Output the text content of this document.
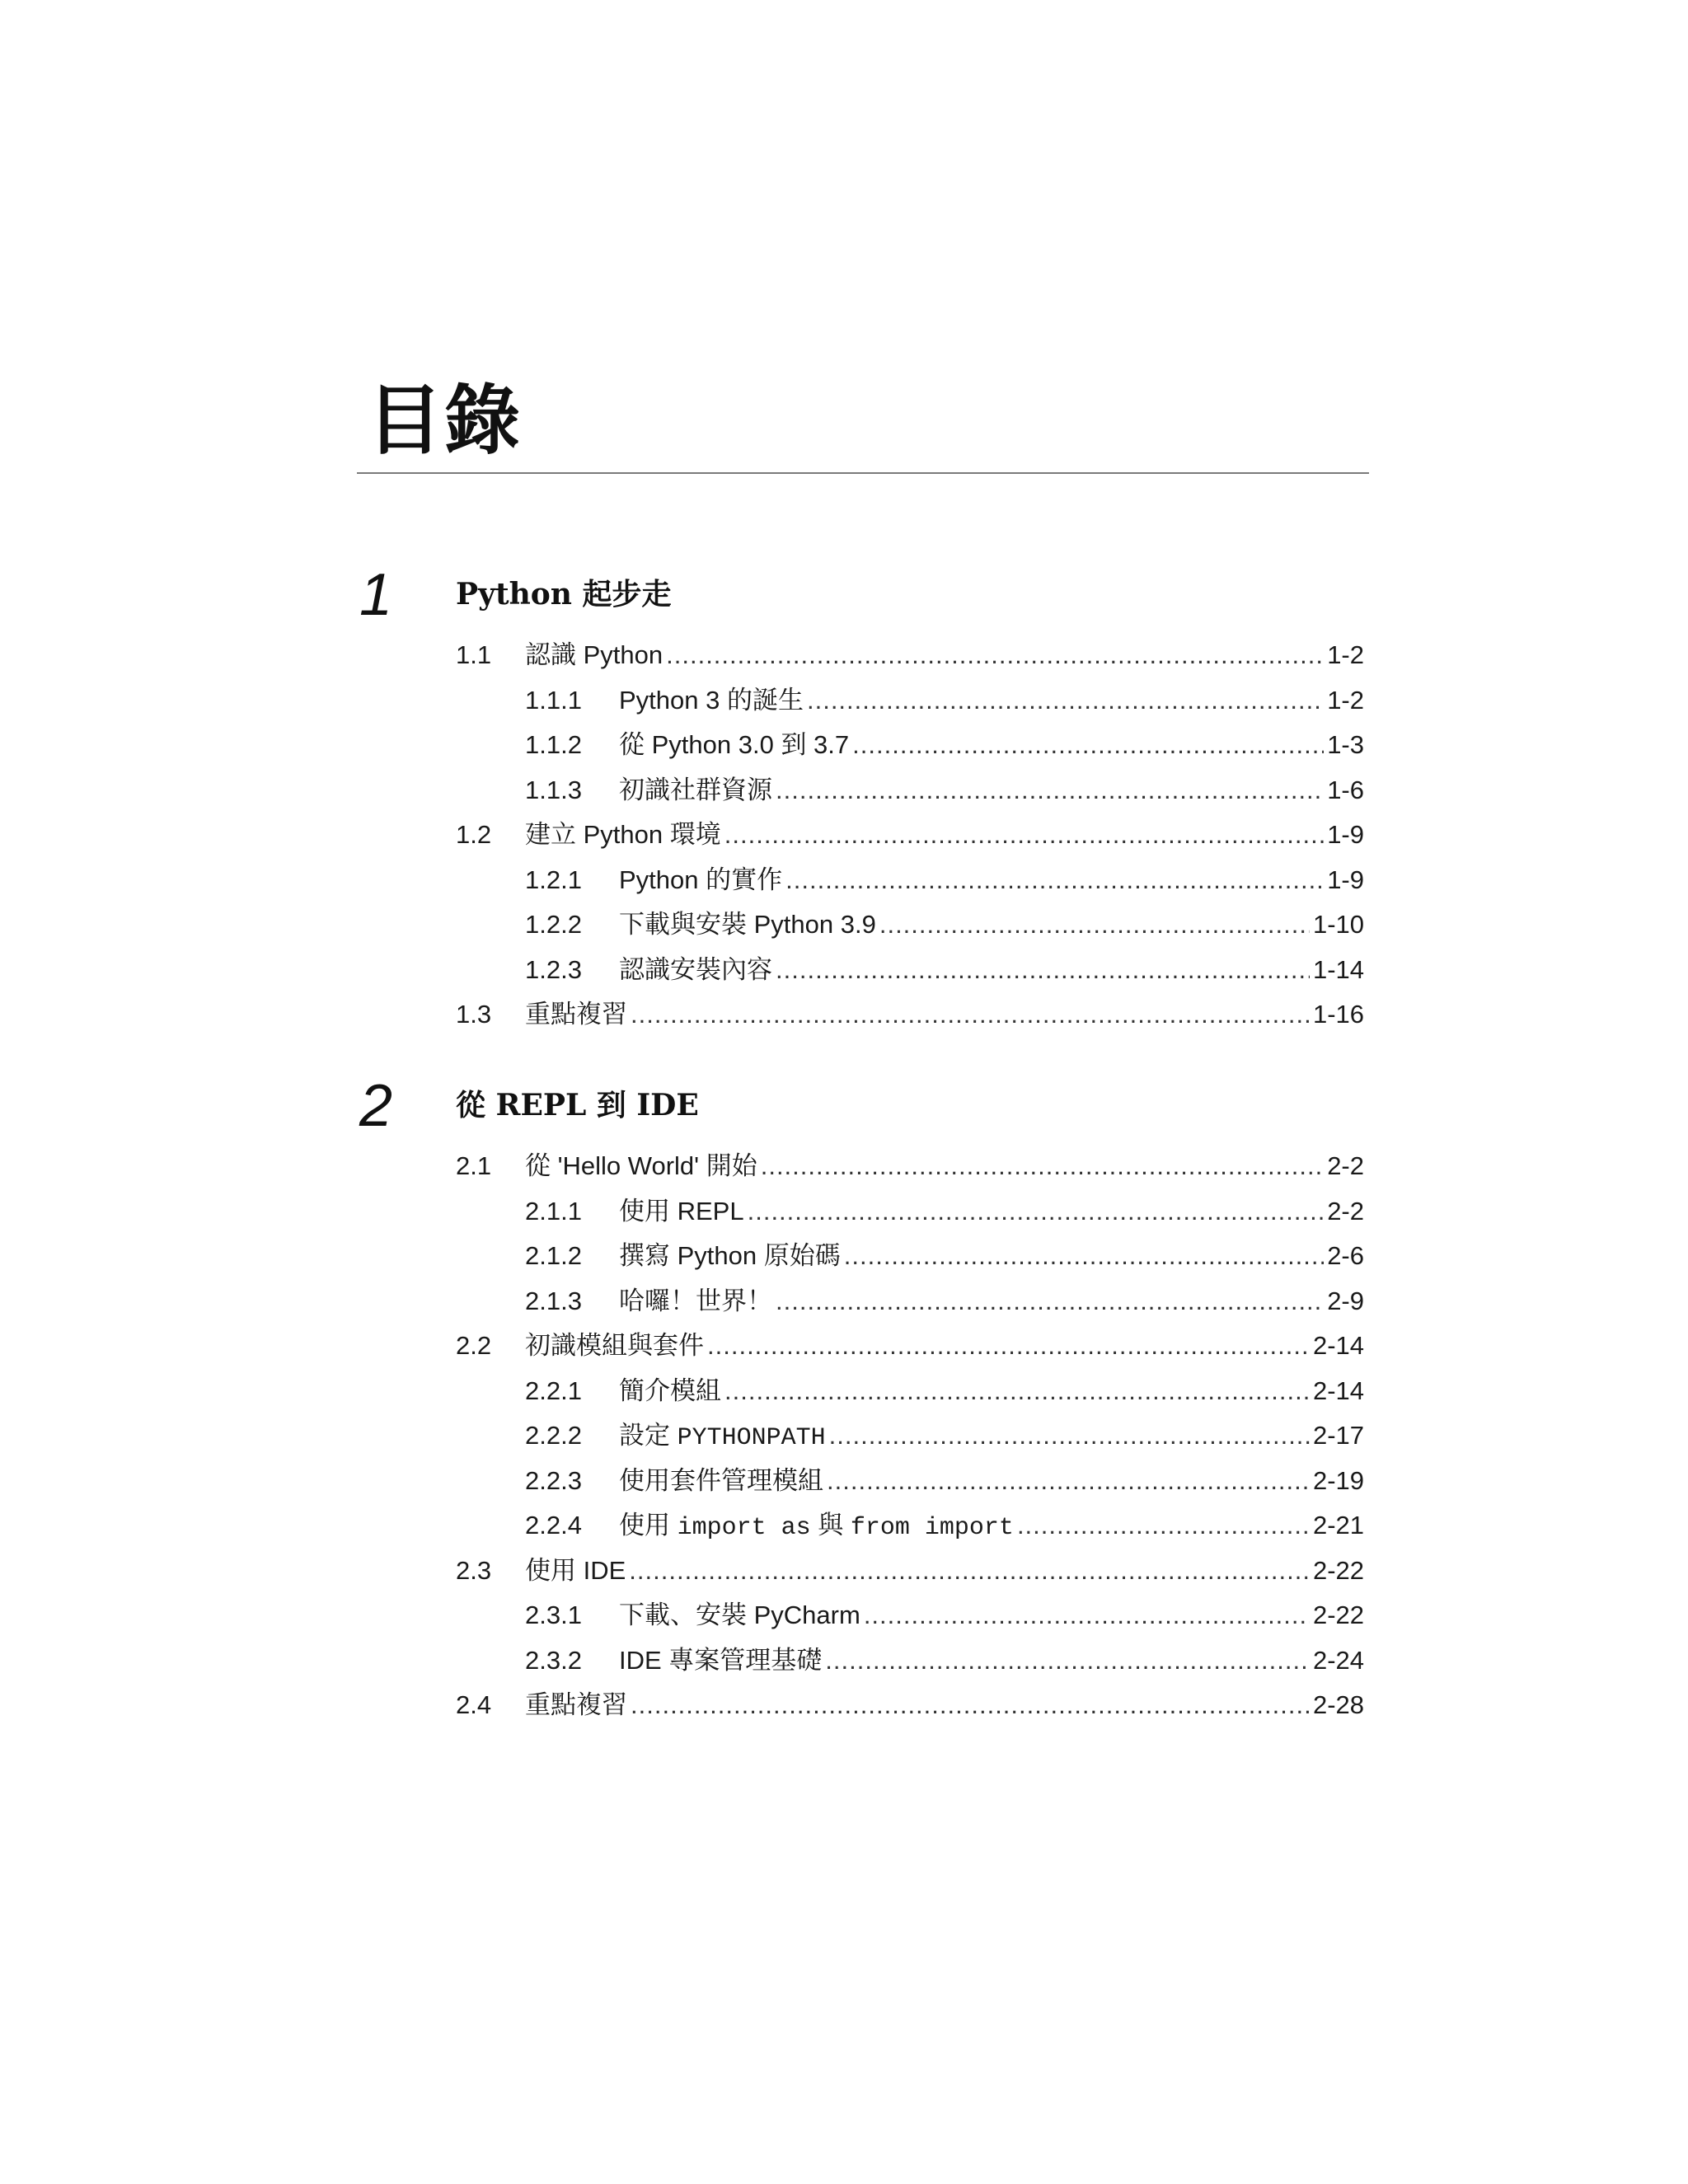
目錄
1 Python 起步走
1.1 認識 Python .....	1-2
1.1.1 Python 3 的誕生 .....	1-2
1.1.2 從 Python 3.0 到 3.7 .....	1-3
1.1.3 初識社群資源 .....	1-6
1.2 建立 Python 環境 .....	1-9
1.2.1 Python 的實作 .....	1-9
1.2.2 下載與安裝 Python 3.9 .....	1-10
1.2.3 認識安裝內容 .....	1-14
1.3 重點複習 .....	1-16
2 從 REPL 到 IDE
2.1 從 'Hello World' 開始 .....	2-2
2.1.1 使用 REPL .....	2-2
2.1.2 撰寫 Python 原始碼 .....	2-6
2.1.3 哈囉！世界！ .....	2-9
2.2 初識模組與套件 .....	2-14
2.2.1 簡介模組 .....	2-14
2.2.2 設定 PYTHONPATH .....	2-17
2.2.3 使用套件管理模組 .....	2-19
2.2.4 使用 import as 與 from import .....	2-21
2.3 使用 IDE .....	2-22
2.3.1 下載、安裝 PyCharm .....	2-22
2.3.2 IDE 專案管理基礎 .....	2-24
2.4 重點複習 .....	2-28
